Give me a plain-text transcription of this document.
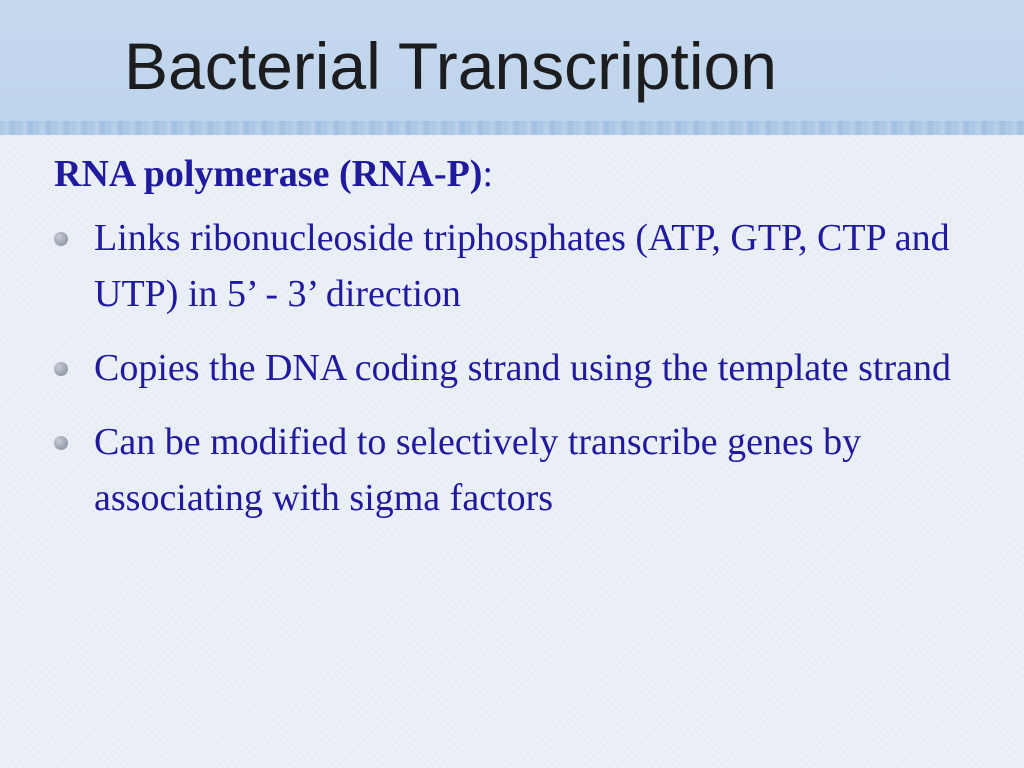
Bacterial Transcription

RNA polymerase (RNA-P):

Links ribonucleoside triphosphates (ATP, GTP, CTP and UTP) in 5’ - 3’ direction
Copies the DNA coding strand using the template strand
Can be modified to selectively transcribe genes by associating with sigma factors
